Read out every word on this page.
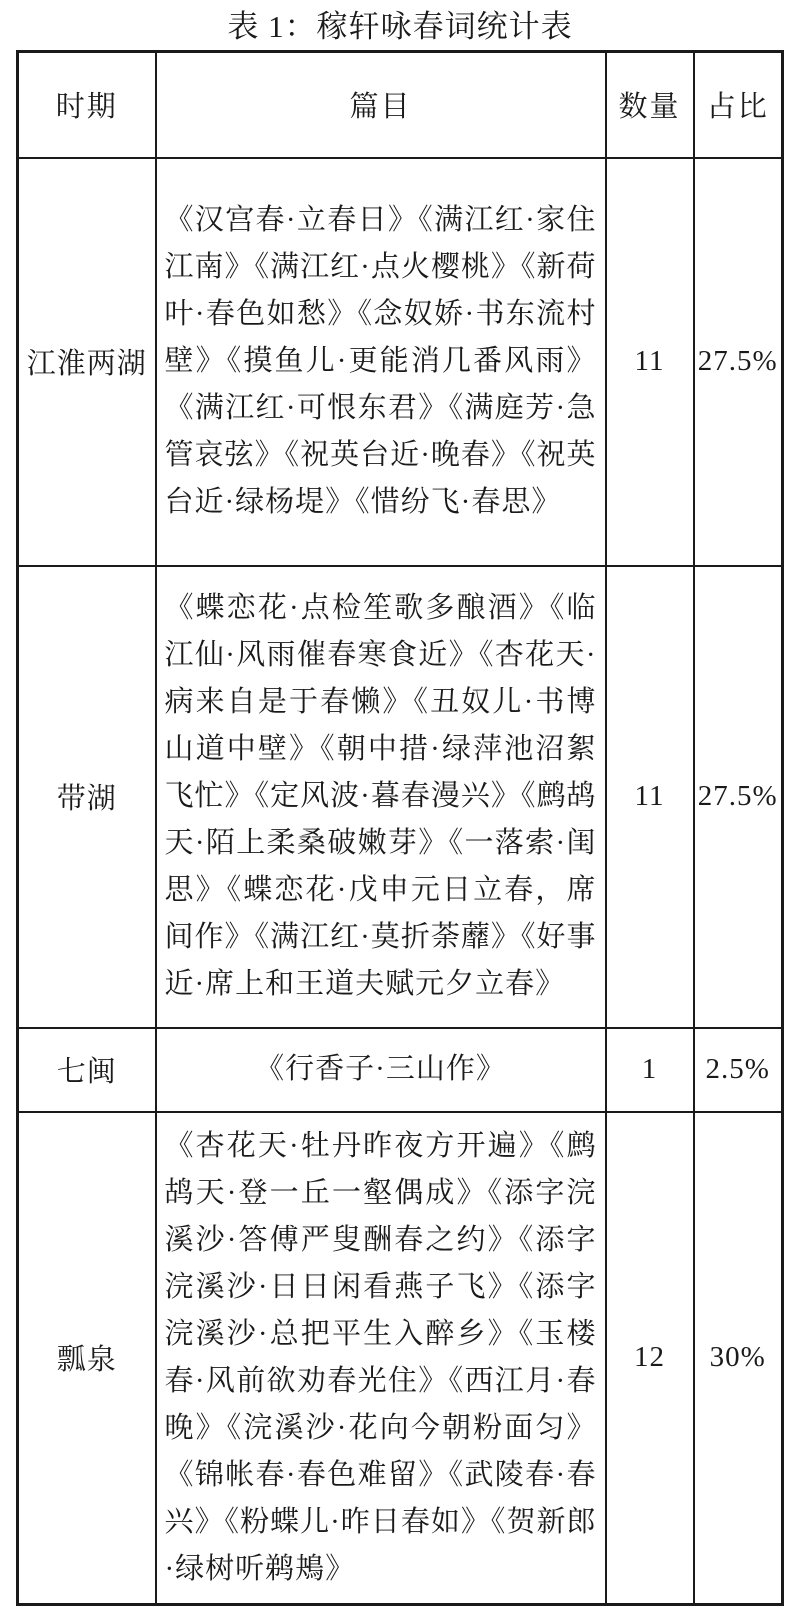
表 1：稼轩咏春词统计表
时期	篇目	数量	占比
江淮两湖	《汉宫春·立春日》《满江红·家住江南》《满江红·点火樱桃》《新荷叶·春色如愁》《念奴娇·书东流村壁》《摸鱼儿·更能消几番风雨》《满江红·可恨东君》《满庭芳·急管哀弦》《祝英台近·晚春》《祝英台近·绿杨堤》《惜纷飞·春思》	11	27.5%
带湖	《蝶恋花·点检笙歌多酿酒》《临江仙·风雨催春寒食近》《杏花天·病来自是于春懒》《丑奴儿·书博山道中壁》《朝中措·绿萍池沼絮飞忙》《定风波·暮春漫兴》《鹧鸪天·陌上柔桑破嫩芽》《一落索·闺思》《蝶恋花·戊申元日立春，席间作》《满江红·莫折荼蘼》《好事近·席上和王道夫赋元夕立春》	11	27.5%
七闽	《行香子·三山作》	1	2.5%
瓢泉	《杏花天·牡丹昨夜方开遍》《鹧鸪天·登一丘一壑偶成》《添字浣溪沙·答傅严叟酬春之约》《添字浣溪沙·日日闲看燕子飞》《添字浣溪沙·总把平生入醉乡》《玉楼春·风前欲劝春光住》《西江月·春晚》《浣溪沙·花向今朝粉面匀》《锦帐春·春色难留》《武陵春·春兴》《粉蝶儿·昨日春如》《贺新郎·绿树听鹈鴂》	12	30%
